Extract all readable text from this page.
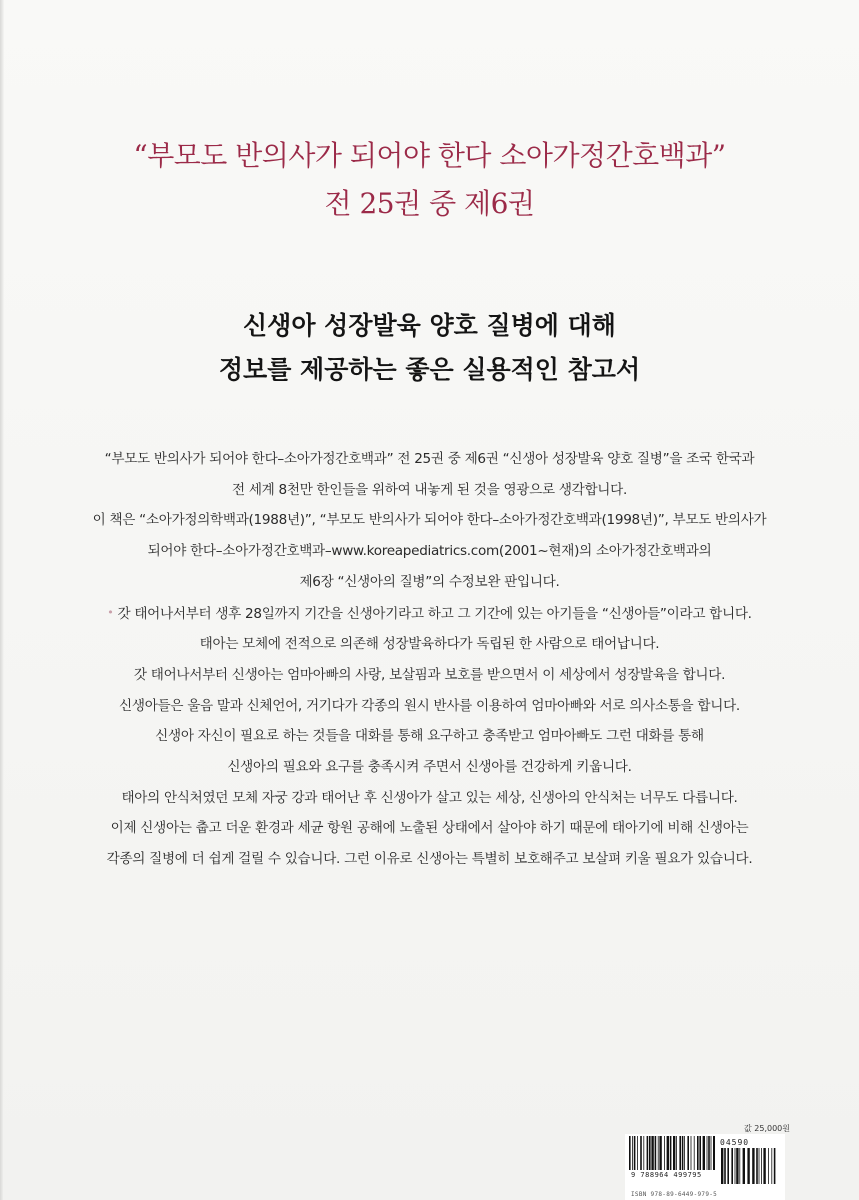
“부모도 반의사가 되어야 한다 소아가정간호백과”
전 25권 중 제6권
신생아 성장발육 양호 질병에 대해
정보를 제공하는 좋은 실용적인 참고서
“부모도 반의사가 되어야 한다–소아가정간호백과” 전 25권 중 제6권 “신생아 성장발육 양호 질병”을 조국 한국과
전 세계 8천만 한인들을 위하여 내놓게 된 것을 영광으로 생각합니다.
이 책은 “소아가정의학백과(1988년)”, “부모도 반의사가 되어야 한다–소아가정간호백과(1998년)”, 부모도 반의사가
되어야 한다–소아가정간호백과–www.koreapediatrics.com(2001~현재)의 소아가정간호백과의
제6장 “신생아의 질병”의 수정보완 판입니다.
• 갓 태어나서부터 생후 28일까지 기간을 신생아기라고 하고 그 기간에 있는 아기들을 “신생아들”이라고 합니다.
태아는 모체에 전적으로 의존해 성장발육하다가 독립된 한 사람으로 태어납니다.
갓 태어나서부터 신생아는 엄마아빠의 사랑, 보살핌과 보호를 받으면서 이 세상에서 성장발육을 합니다.
신생아들은 울음 말과 신체언어, 거기다가 각종의 원시 반사를 이용하여 엄마아빠와 서로 의사소통을 합니다.
신생아 자신이 필요로 하는 것들을 대화를 통해 요구하고 충족받고 엄마아빠도 그런 대화를 통해
신생아의 필요와 요구를 충족시켜 주면서 신생아를 건강하게 키웁니다.
태아의 안식처였던 모체 자궁 강과 태어난 후 신생아가 살고 있는 세상, 신생아의 안식처는 너무도 다릅니다.
이제 신생아는 춥고 더운 환경과 세균 항원 공해에 노출된 상태에서 살아야 하기 때문에 태아기에 비해 신생아는
각종의 질병에 더 쉽게 걸릴 수 있습니다. 그런 이유로 신생아는 특별히 보호해주고 보살펴 키울 필요가 있습니다.
값 25,000원
04590
9 788964 499795
ISBN 978-89-6449-979-5
